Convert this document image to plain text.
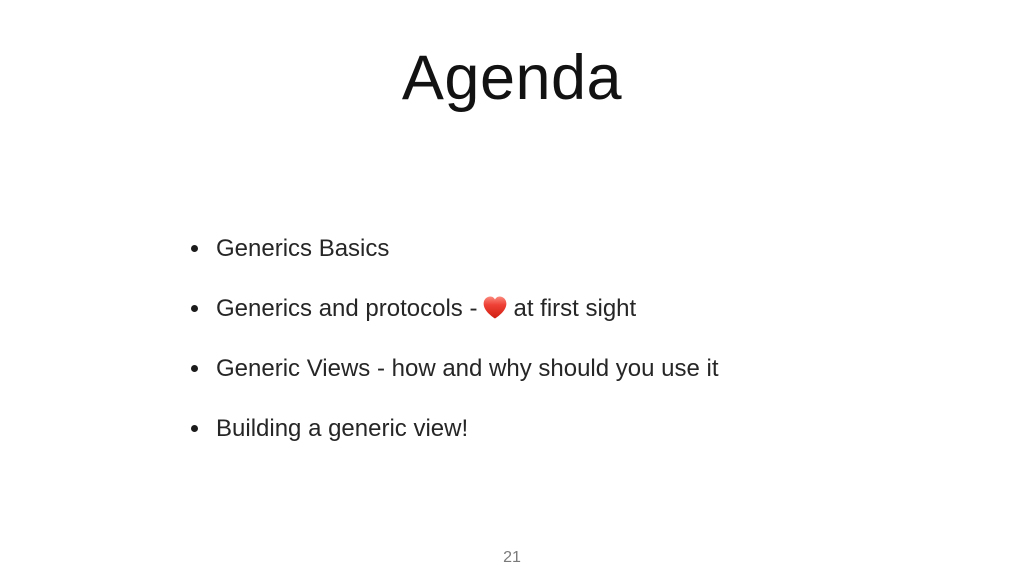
Agenda
Generics Basics
Generics and protocols - at first sight
Generic Views - how and why should you use it
Building a generic view!
21
